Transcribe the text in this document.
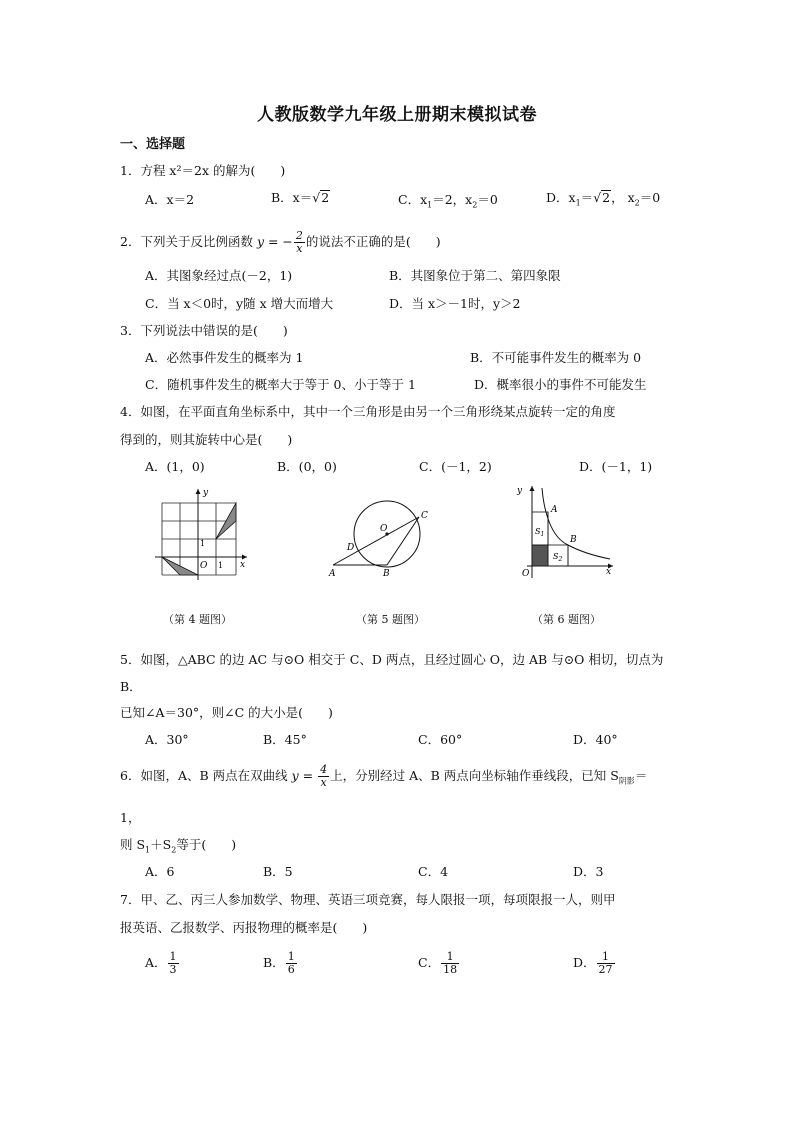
人教版数学九年级上册期末模拟试卷
一、选择题
1．方程 x²＝2x 的解为(　　)
A．x＝2	B．x＝√2	C．$x_1=2$，$x_2=0$	D．$x_1=√2$， $x_2=0$
2．下列关于反比例函数 y = − $\frac{2}{x}$ 的说法不正确的是(　　)
A．其图象经过点(－2，1)	B．其图象位于第二、第四象限
C．当 x＜0时，y随 x 增大而增大	D．当 x＞－1时，y＞2
3．下列说法中错误的是(　　)
A．必然事件发生的概率为 1	B．不可能事件发生的概率为 0
C．随机事件发生的概率大于等于 0、小于等于 1	D．概率很小的事件不可能发生
4．如图，在平面直角坐标系中，其中一个三角形是由另一个三角形绕某点旋转一定的角度
得到的，则其旋转中心是(　　)
A．(1，0)	B．(0，0)	C．(－1，2)	D．(－1，1)
y
x
O 1
1
O
C
D
A	B
y
x
O
A
B
$S_1$
$S_2$
（第 4 题图）	（第 5 题图）	（第 6 题图）
5．如图，△ABC 的边 AC 与⊙O 相交于 C、D 两点，且经过圆心 O，边 AB 与⊙O 相切，切点为
B．
已知∠A＝30°，则∠C 的大小是(　　)
A．30°	B．45°	C．60°	D．40°
6．如图，A、B 两点在双曲线 $y = \frac{4}{x}$ 上，分别经过 A、B 两点向坐标轴作垂线段，已知 $S_{阴影}=$
1，
则 $S_1+S_2$等于(　　)
A．6	B．5	C．4	D．3
7．甲、乙、丙三人参加数学、物理、英语三项竞赛，每人限报一项，每项限报一人，则甲
报英语、乙报数学、丙报物理的概率是(　　)
A． $\frac{1}{3}$	B． $\frac{1}{6}$	C． $\frac{1}{18}$	D． $\frac{1}{27}$
